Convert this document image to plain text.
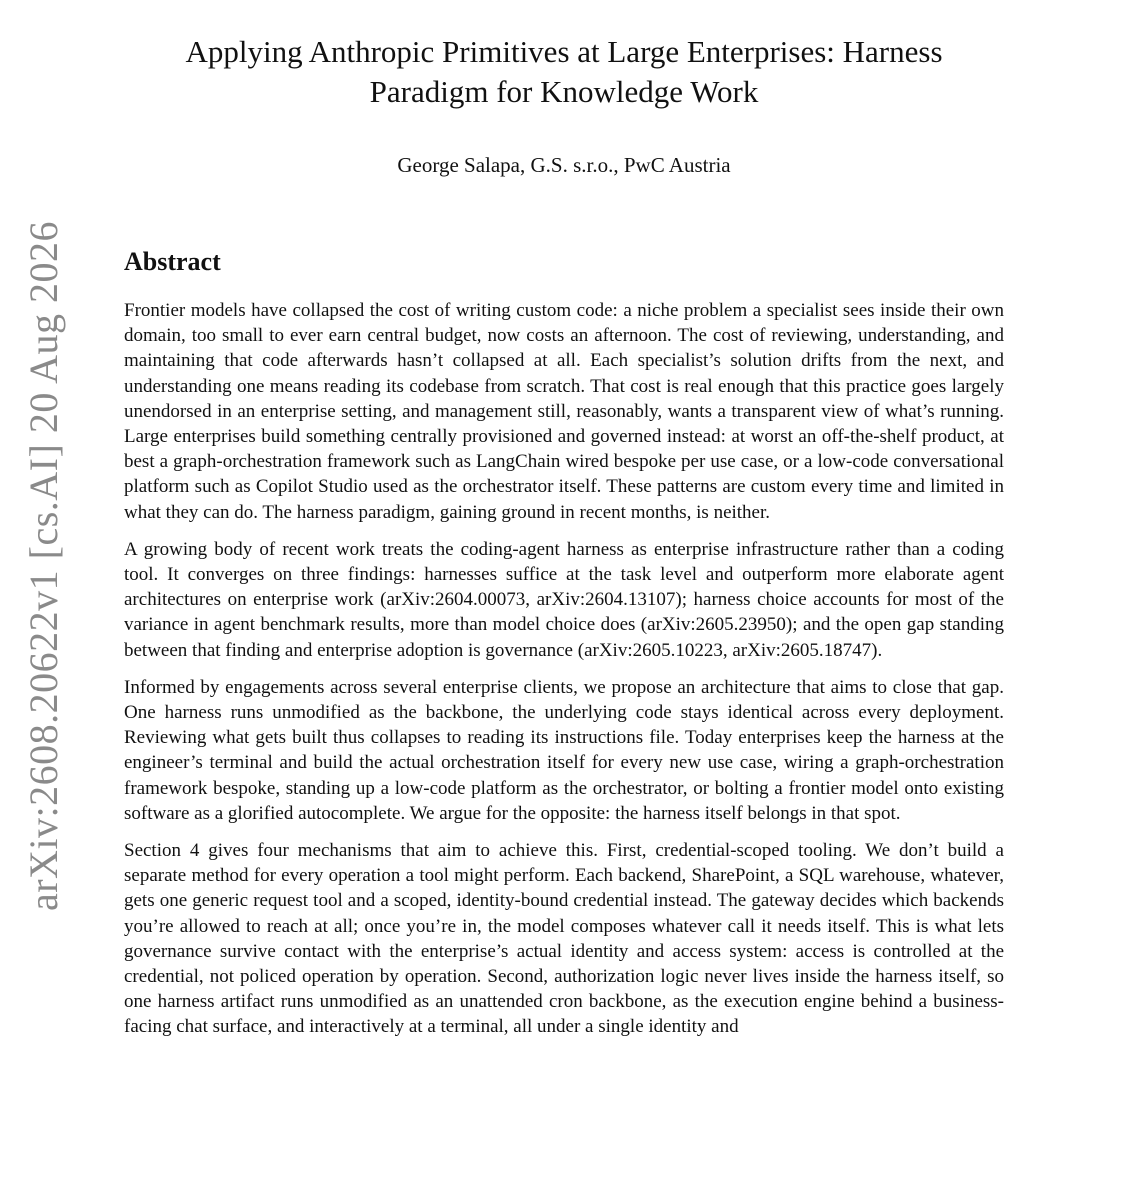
arXiv:2608.20622v1 [cs.AI] 20 Aug 2026
Applying Anthropic Primitives at Large Enterprises: Harness Paradigm for Knowledge Work
George Salapa, G.S. s.r.o., PwC Austria
Abstract

Frontier models have collapsed the cost of writing custom code: a niche problem a specialist sees inside their own domain, too small to ever earn central budget, now costs an afternoon. The cost of reviewing, understanding, and maintaining that code afterwards hasn’t collapsed at all. Each specialist’s solution drifts from the next, and understanding one means reading its codebase from scratch. That cost is real enough that this practice goes largely unendorsed in an enterprise setting, and management still, reasonably, wants a transparent view of what’s running. Large enterprises build something centrally provisioned and governed instead: at worst an off-the-shelf product, at best a graph-orchestration framework such as LangChain wired bespoke per use case, or a low-code conversational platform such as Copilot Studio used as the orchestrator itself. These patterns are custom every time and limited in what they can do. The harness paradigm, gaining ground in recent months, is neither.

A growing body of recent work treats the coding-agent harness as enterprise infrastructure rather than a coding tool. It converges on three findings: harnesses suffice at the task level and outperform more elaborate agent architectures on enterprise work (arXiv:2604.00073, arXiv:2604.13107); harness choice accounts for most of the variance in agent benchmark results, more than model choice does (arXiv:2605.23950); and the open gap standing between that finding and enterprise adoption is governance (arXiv:2605.10223, arXiv:2605.18747).

Informed by engagements across several enterprise clients, we propose an architecture that aims to close that gap. One harness runs unmodified as the backbone, the underlying code stays identical across every deployment. Reviewing what gets built thus collapses to reading its instructions file. Today enterprises keep the harness at the engineer’s terminal and build the actual orchestration itself for every new use case, wiring a graph-orchestration framework bespoke, standing up a low-code platform as the orchestrator, or bolting a frontier model onto existing software as a glorified autocomplete. We argue for the opposite: the harness itself belongs in that spot.

Section 4 gives four mechanisms that aim to achieve this. First, credential-scoped tooling. We don’t build a separate method for every operation a tool might perform. Each backend, SharePoint, a SQL warehouse, whatever, gets one generic request tool and a scoped, identity-bound credential instead. The gateway decides which backends you’re allowed to reach at all; once you’re in, the model composes whatever call it needs itself. This is what lets governance survive contact with the enterprise’s actual identity and access system: access is controlled at the credential, not policed operation by operation. Second, authorization logic never lives inside the harness itself, so one harness artifact runs unmodified as an unattended cron backbone, as the execution engine behind a business-facing chat surface, and interactively at a terminal, all under a single identity and
